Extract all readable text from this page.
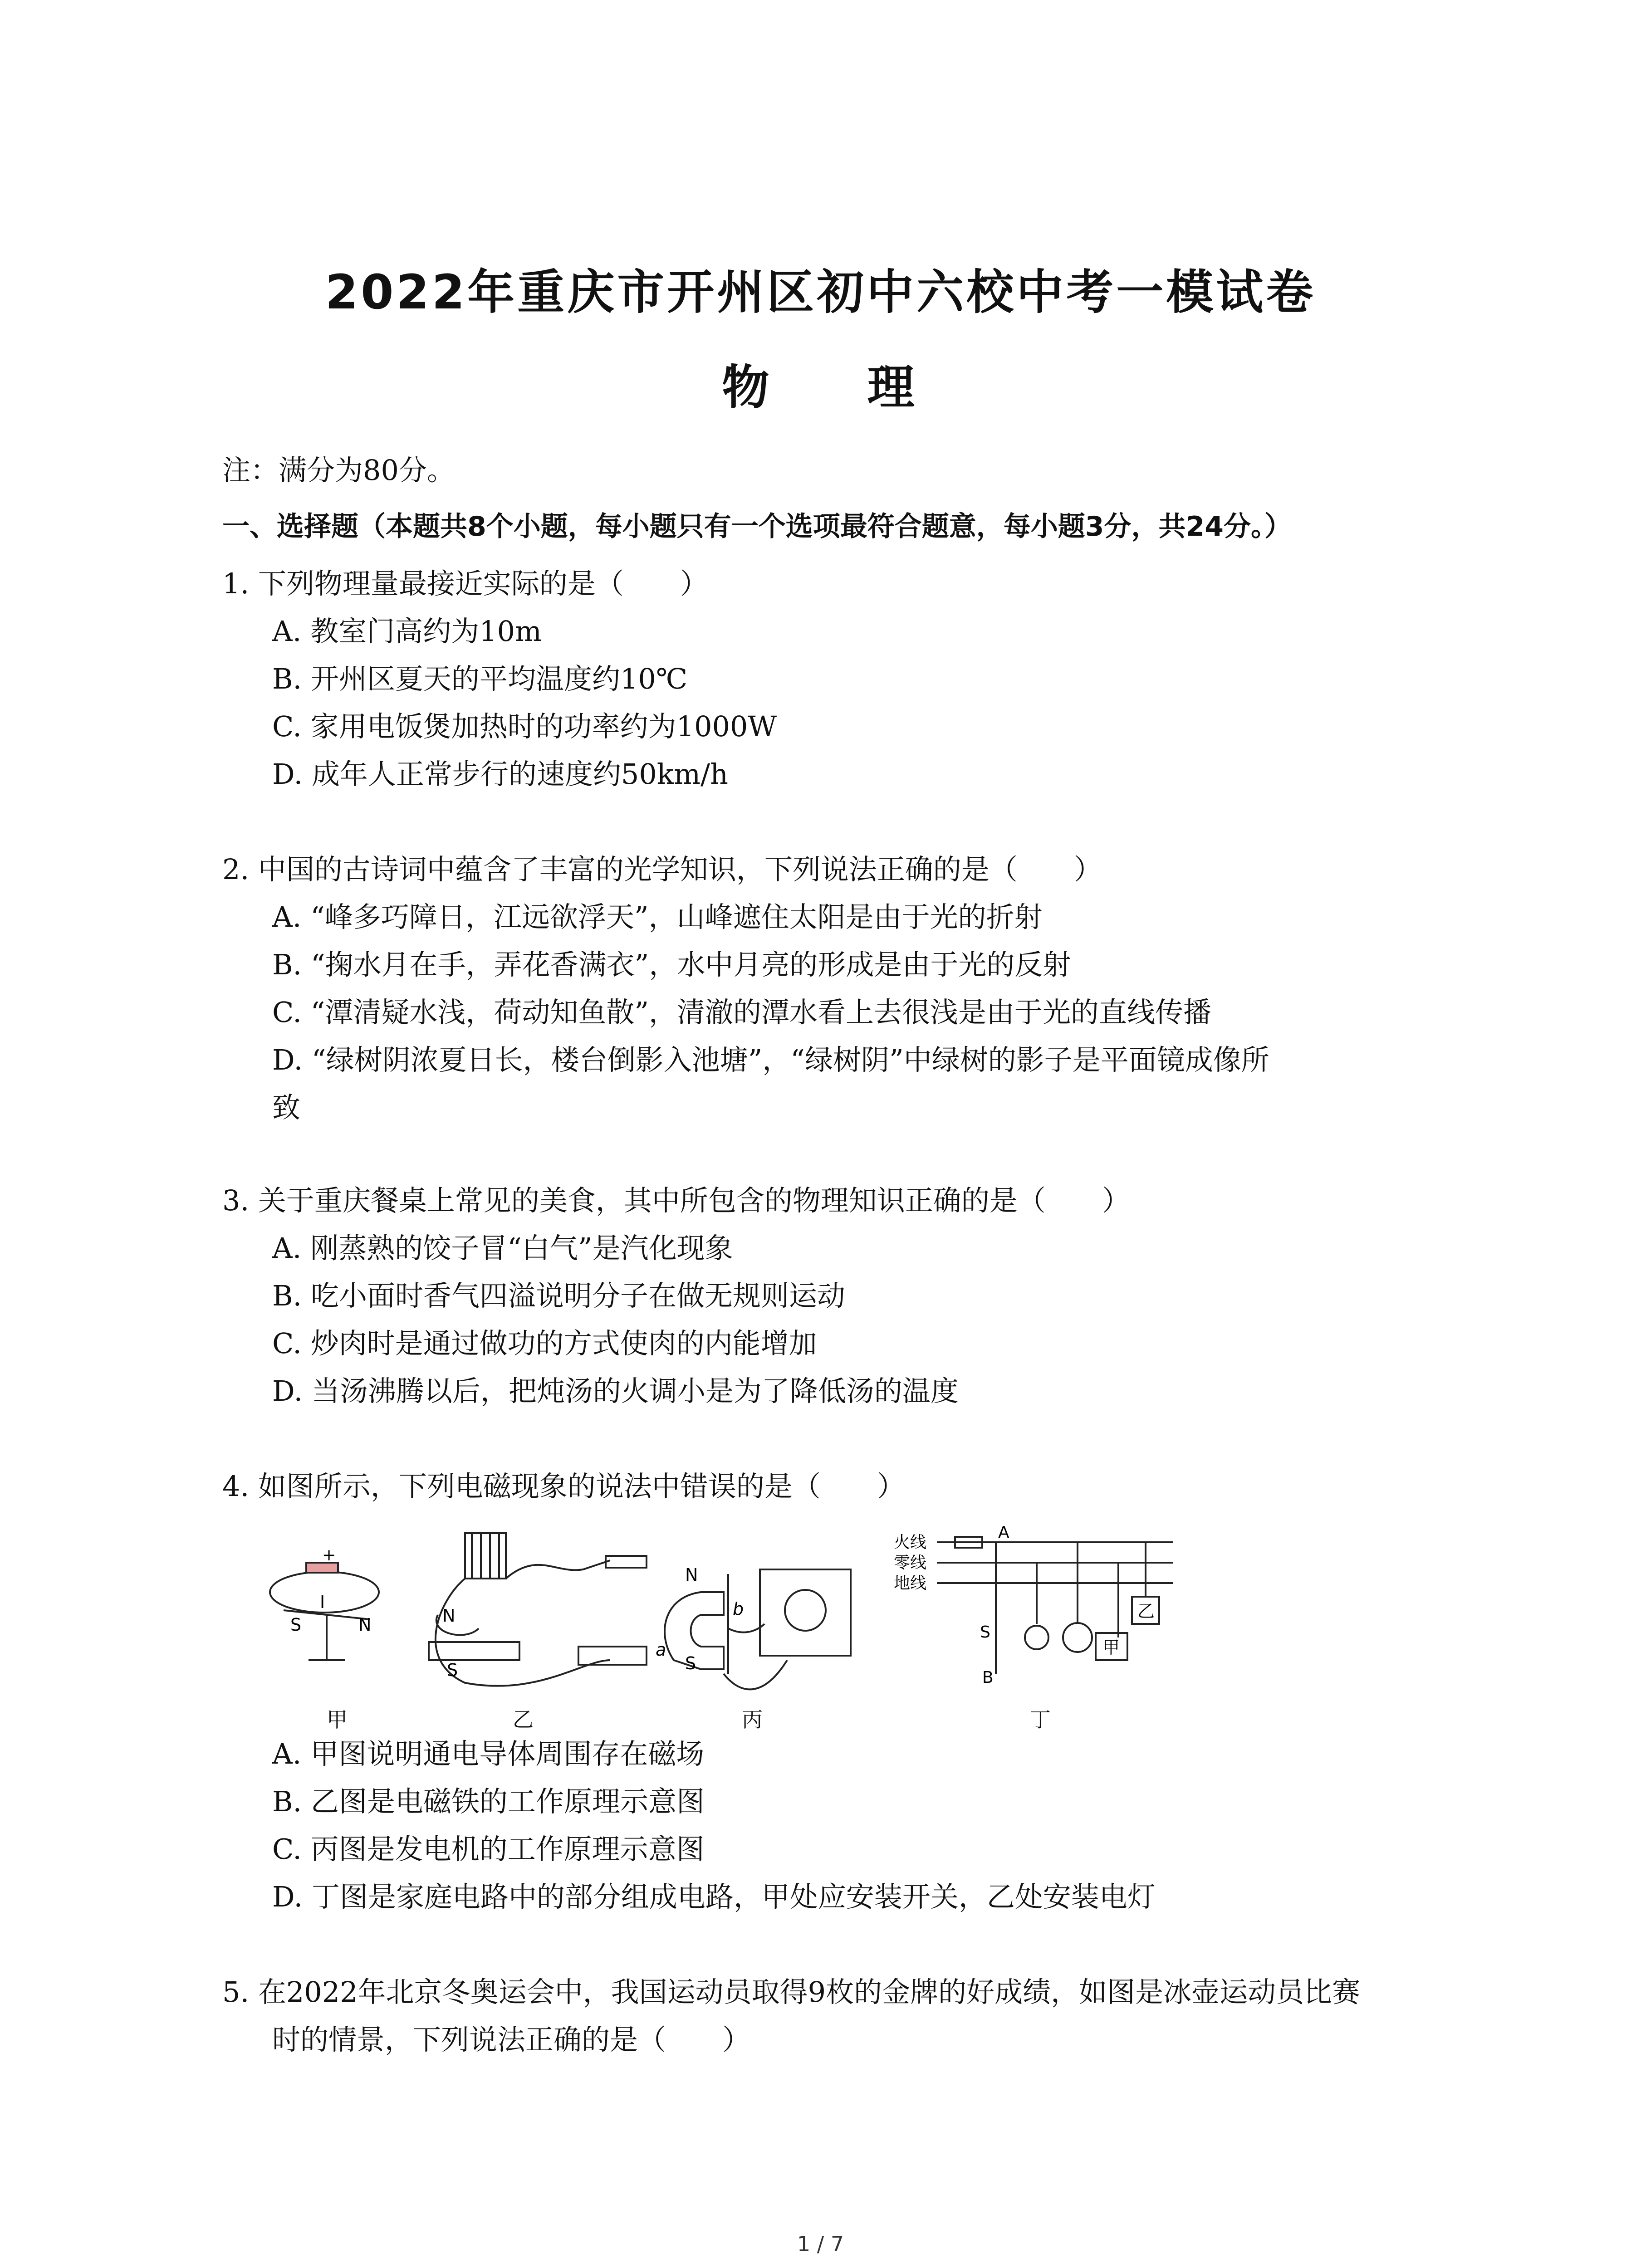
2022年重庆市开州区初中六校中考一模试卷
物 理
注：满分为80分。
一、选择题（本题共8个小题，每小题只有一个选项最符合题意，每小题3分，共24分。）
1. 下列物理量最接近实际的是（　　）
A. 教室门高约为10m
B. 开州区夏天的平均温度约10℃
C. 家用电饭煲加热时的功率约为1000W
D. 成年人正常步行的速度约50km/h
2. 中国的古诗词中蕴含了丰富的光学知识，下列说法正确的是（　　）
A. “峰多巧障日，江远欲浮天”，山峰遮住太阳是由于光的折射
B. “掬水月在手，弄花香满衣”，水中月亮的形成是由于光的反射
C. “潭清疑水浅，荷动知鱼散”，清澈的潭水看上去很浅是由于光的直线传播
D. “绿树阴浓夏日长，楼台倒影入池塘”，“绿树阴”中绿树的影子是平面镜成像所
致
3. 关于重庆餐桌上常见的美食，其中所包含的物理知识正确的是（　　）
A. 刚蒸熟的饺子冒“白气”是汽化现象
B. 吃小面时香气四溢说明分子在做无规则运动
C. 炒肉时是通过做功的方式使肉的内能增加
D. 当汤沸腾以后，把炖汤的火调小是为了降低汤的温度
4. 如图所示，下列电磁现象的说法中错误的是（　　）
+
I
S	N	N
S
N
S
a
b
火线
零线
地线
A
B
S
甲
乙
甲	乙	丙	丁
A. 甲图说明通电导体周围存在磁场
B. 乙图是电磁铁的工作原理示意图
C. 丙图是发电机的工作原理示意图
D. 丁图是家庭电路中的部分组成电路，甲处应安装开关，乙处安装电灯
5. 在2022年北京冬奥运会中，我国运动员取得9枚的金牌的好成绩，如图是冰壶运动员比赛
时的情景，下列说法正确的是（　　）
1 / 7
